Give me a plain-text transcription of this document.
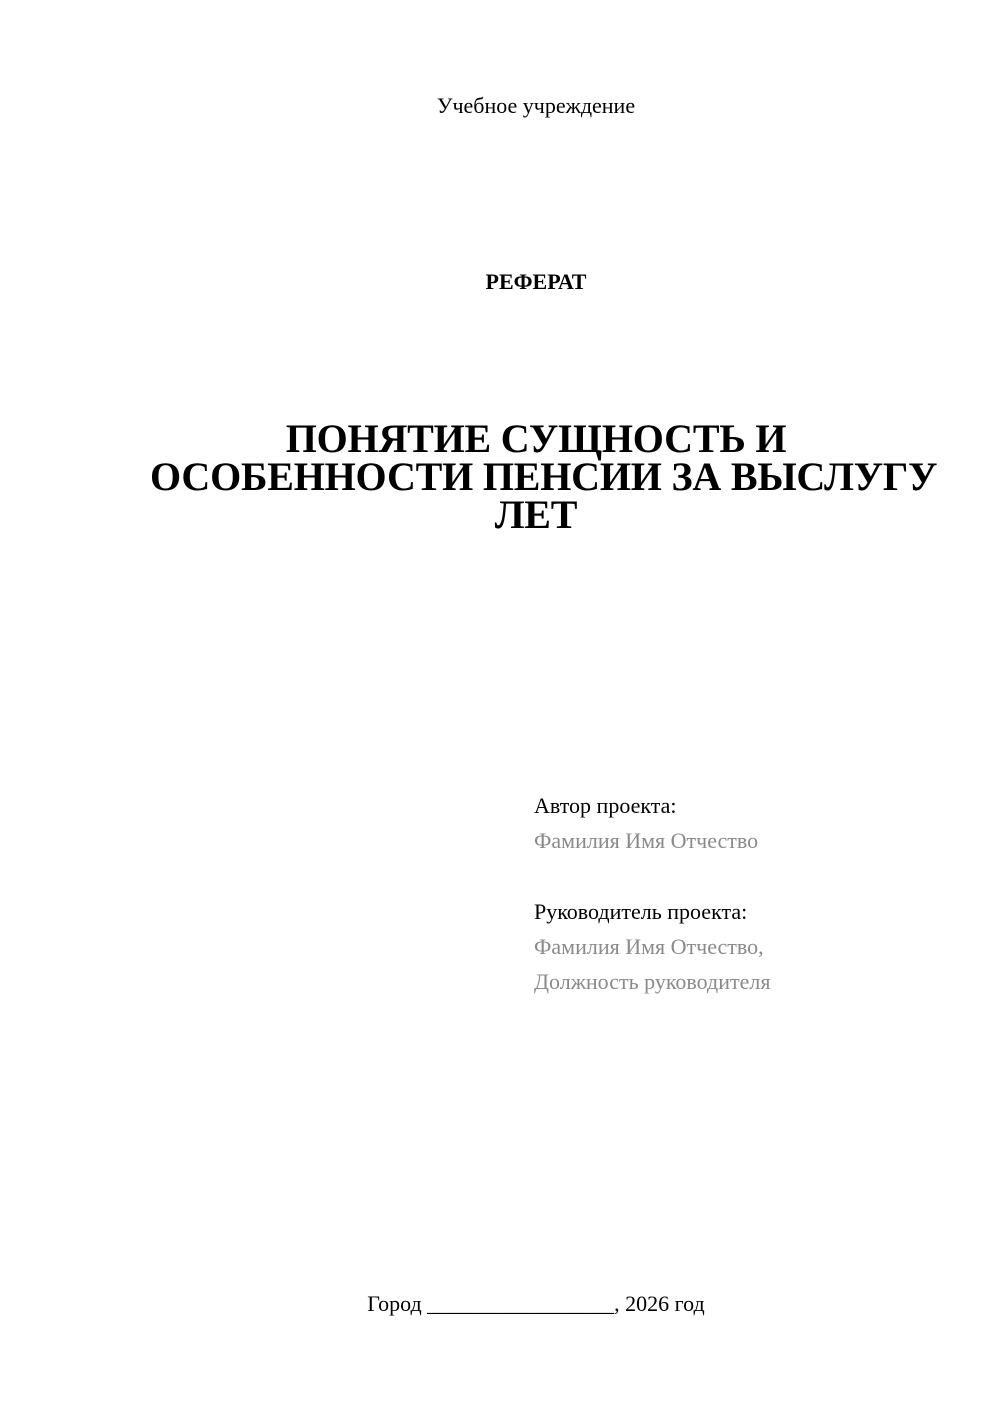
Учебное учреждение
РЕФЕРАТ
ПОНЯТИЕ СУЩНОСТЬ И
ОСОБЕННОСТИ ПЕНСИИ ЗА ВЫСЛУГУ
ЛЕТ
Автор проекта:
Фамилия Имя Отчество
Руководитель проекта:
Фамилия Имя Отчество,
Должность руководителя
Город _________________, 2026 год
